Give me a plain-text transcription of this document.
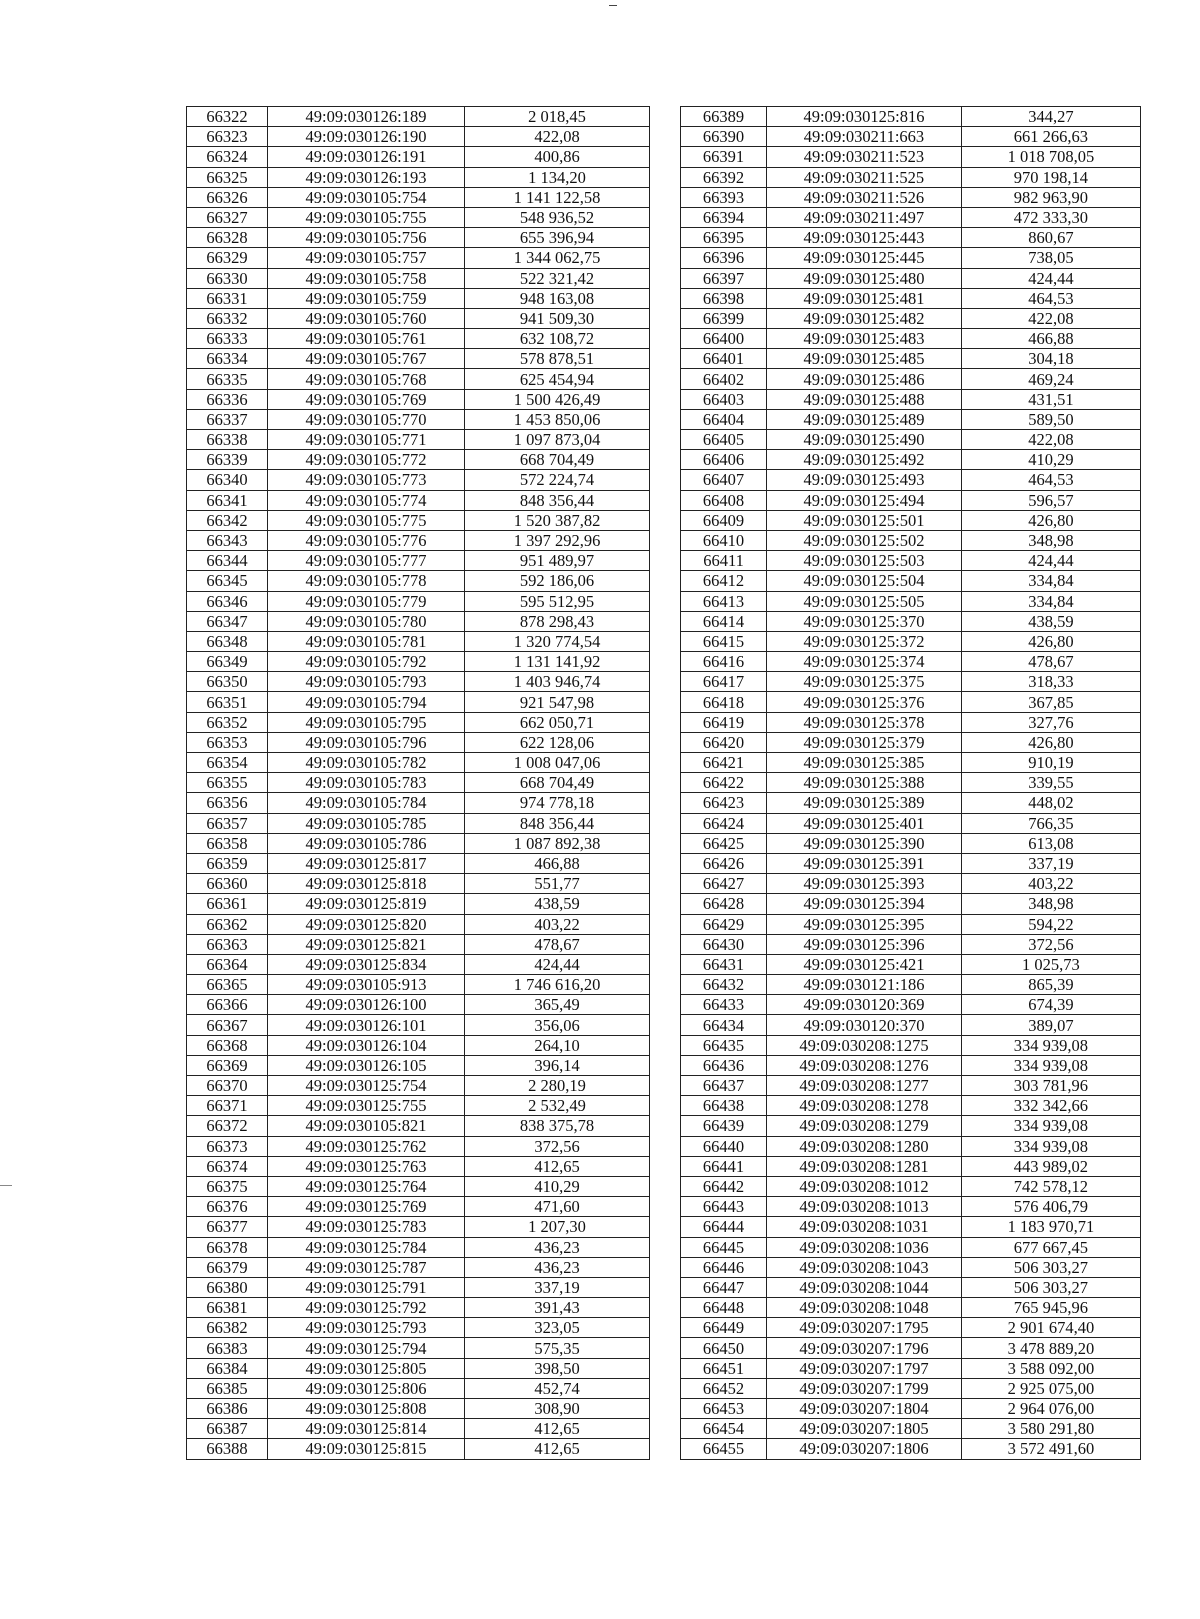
66322	49:09:030126:189	2 018,45
66323	49:09:030126:190	422,08
66324	49:09:030126:191	400,86
66325	49:09:030126:193	1 134,20
66326	49:09:030105:754	1 141 122,58
66327	49:09:030105:755	548 936,52
66328	49:09:030105:756	655 396,94
66329	49:09:030105:757	1 344 062,75
66330	49:09:030105:758	522 321,42
66331	49:09:030105:759	948 163,08
66332	49:09:030105:760	941 509,30
66333	49:09:030105:761	632 108,72
66334	49:09:030105:767	578 878,51
66335	49:09:030105:768	625 454,94
66336	49:09:030105:769	1 500 426,49
66337	49:09:030105:770	1 453 850,06
66338	49:09:030105:771	1 097 873,04
66339	49:09:030105:772	668 704,49
66340	49:09:030105:773	572 224,74
66341	49:09:030105:774	848 356,44
66342	49:09:030105:775	1 520 387,82
66343	49:09:030105:776	1 397 292,96
66344	49:09:030105:777	951 489,97
66345	49:09:030105:778	592 186,06
66346	49:09:030105:779	595 512,95
66347	49:09:030105:780	878 298,43
66348	49:09:030105:781	1 320 774,54
66349	49:09:030105:792	1 131 141,92
66350	49:09:030105:793	1 403 946,74
66351	49:09:030105:794	921 547,98
66352	49:09:030105:795	662 050,71
66353	49:09:030105:796	622 128,06
66354	49:09:030105:782	1 008 047,06
66355	49:09:030105:783	668 704,49
66356	49:09:030105:784	974 778,18
66357	49:09:030105:785	848 356,44
66358	49:09:030105:786	1 087 892,38
66359	49:09:030125:817	466,88
66360	49:09:030125:818	551,77
66361	49:09:030125:819	438,59
66362	49:09:030125:820	403,22
66363	49:09:030125:821	478,67
66364	49:09:030125:834	424,44
66365	49:09:030105:913	1 746 616,20
66366	49:09:030126:100	365,49
66367	49:09:030126:101	356,06
66368	49:09:030126:104	264,10
66369	49:09:030126:105	396,14
66370	49:09:030125:754	2 280,19
66371	49:09:030125:755	2 532,49
66372	49:09:030105:821	838 375,78
66373	49:09:030125:762	372,56
66374	49:09:030125:763	412,65
66375	49:09:030125:764	410,29
66376	49:09:030125:769	471,60
66377	49:09:030125:783	1 207,30
66378	49:09:030125:784	436,23
66379	49:09:030125:787	436,23
66380	49:09:030125:791	337,19
66381	49:09:030125:792	391,43
66382	49:09:030125:793	323,05
66383	49:09:030125:794	575,35
66384	49:09:030125:805	398,50
66385	49:09:030125:806	452,74
66386	49:09:030125:808	308,90
66387	49:09:030125:814	412,65
66388	49:09:030125:815	412,65
66389	49:09:030125:816	344,27
66390	49:09:030211:663	661 266,63
66391	49:09:030211:523	1 018 708,05
66392	49:09:030211:525	970 198,14
66393	49:09:030211:526	982 963,90
66394	49:09:030211:497	472 333,30
66395	49:09:030125:443	860,67
66396	49:09:030125:445	738,05
66397	49:09:030125:480	424,44
66398	49:09:030125:481	464,53
66399	49:09:030125:482	422,08
66400	49:09:030125:483	466,88
66401	49:09:030125:485	304,18
66402	49:09:030125:486	469,24
66403	49:09:030125:488	431,51
66404	49:09:030125:489	589,50
66405	49:09:030125:490	422,08
66406	49:09:030125:492	410,29
66407	49:09:030125:493	464,53
66408	49:09:030125:494	596,57
66409	49:09:030125:501	426,80
66410	49:09:030125:502	348,98
66411	49:09:030125:503	424,44
66412	49:09:030125:504	334,84
66413	49:09:030125:505	334,84
66414	49:09:030125:370	438,59
66415	49:09:030125:372	426,80
66416	49:09:030125:374	478,67
66417	49:09:030125:375	318,33
66418	49:09:030125:376	367,85
66419	49:09:030125:378	327,76
66420	49:09:030125:379	426,80
66421	49:09:030125:385	910,19
66422	49:09:030125:388	339,55
66423	49:09:030125:389	448,02
66424	49:09:030125:401	766,35
66425	49:09:030125:390	613,08
66426	49:09:030125:391	337,19
66427	49:09:030125:393	403,22
66428	49:09:030125:394	348,98
66429	49:09:030125:395	594,22
66430	49:09:030125:396	372,56
66431	49:09:030125:421	1 025,73
66432	49:09:030121:186	865,39
66433	49:09:030120:369	674,39
66434	49:09:030120:370	389,07
66435	49:09:030208:1275	334 939,08
66436	49:09:030208:1276	334 939,08
66437	49:09:030208:1277	303 781,96
66438	49:09:030208:1278	332 342,66
66439	49:09:030208:1279	334 939,08
66440	49:09:030208:1280	334 939,08
66441	49:09:030208:1281	443 989,02
66442	49:09:030208:1012	742 578,12
66443	49:09:030208:1013	576 406,79
66444	49:09:030208:1031	1 183 970,71
66445	49:09:030208:1036	677 667,45
66446	49:09:030208:1043	506 303,27
66447	49:09:030208:1044	506 303,27
66448	49:09:030208:1048	765 945,96
66449	49:09:030207:1795	2 901 674,40
66450	49:09:030207:1796	3 478 889,20
66451	49:09:030207:1797	3 588 092,00
66452	49:09:030207:1799	2 925 075,00
66453	49:09:030207:1804	2 964 076,00
66454	49:09:030207:1805	3 580 291,80
66455	49:09:030207:1806	3 572 491,60
